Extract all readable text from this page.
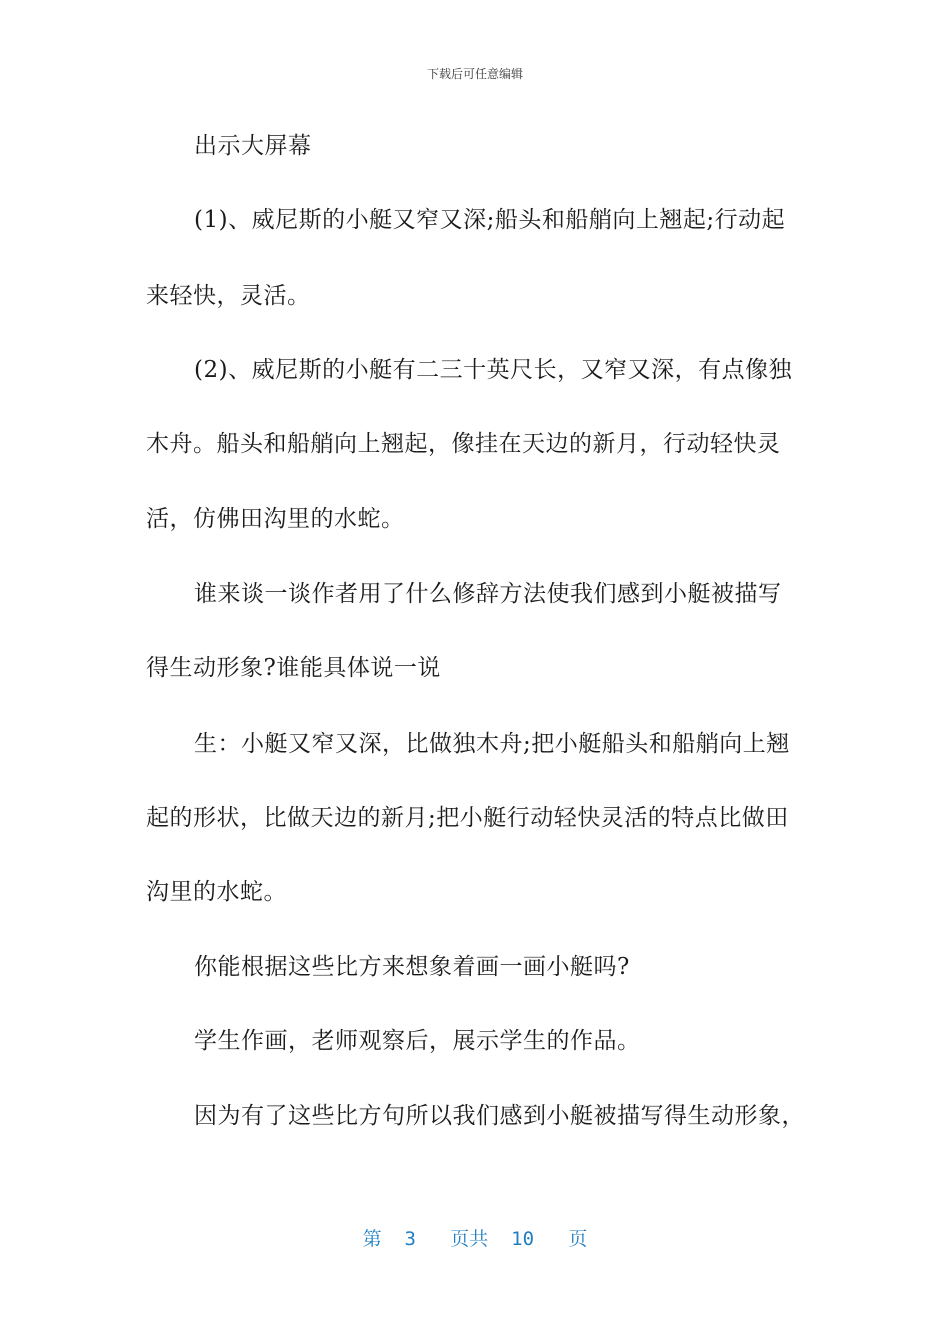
下载后可任意编辑
出示大屏幕
(1)、威尼斯的小艇又窄又深;船头和船艄向上翘起;行动起
来轻快，灵活。
(2)、威尼斯的小艇有二三十英尺长，又窄又深，有点像独
木舟。船头和船艄向上翘起，像挂在天边的新月，行动轻快灵
活，仿佛田沟里的水蛇。
谁来谈一谈作者用了什么修辞方法使我们感到小艇被描写
得生动形象?谁能具体说一说
生：小艇又窄又深，比做独木舟;把小艇船头和船艄向上翘
起的形状，比做天边的新月;把小艇行动轻快灵活的特点比做田
沟里的水蛇。
你能根据这些比方来想象着画一画小艇吗?
学生作画，老师观察后，展示学生的作品。
因为有了这些比方句所以我们感到小艇被描写得生动形象，
第 3 页共 10 页
